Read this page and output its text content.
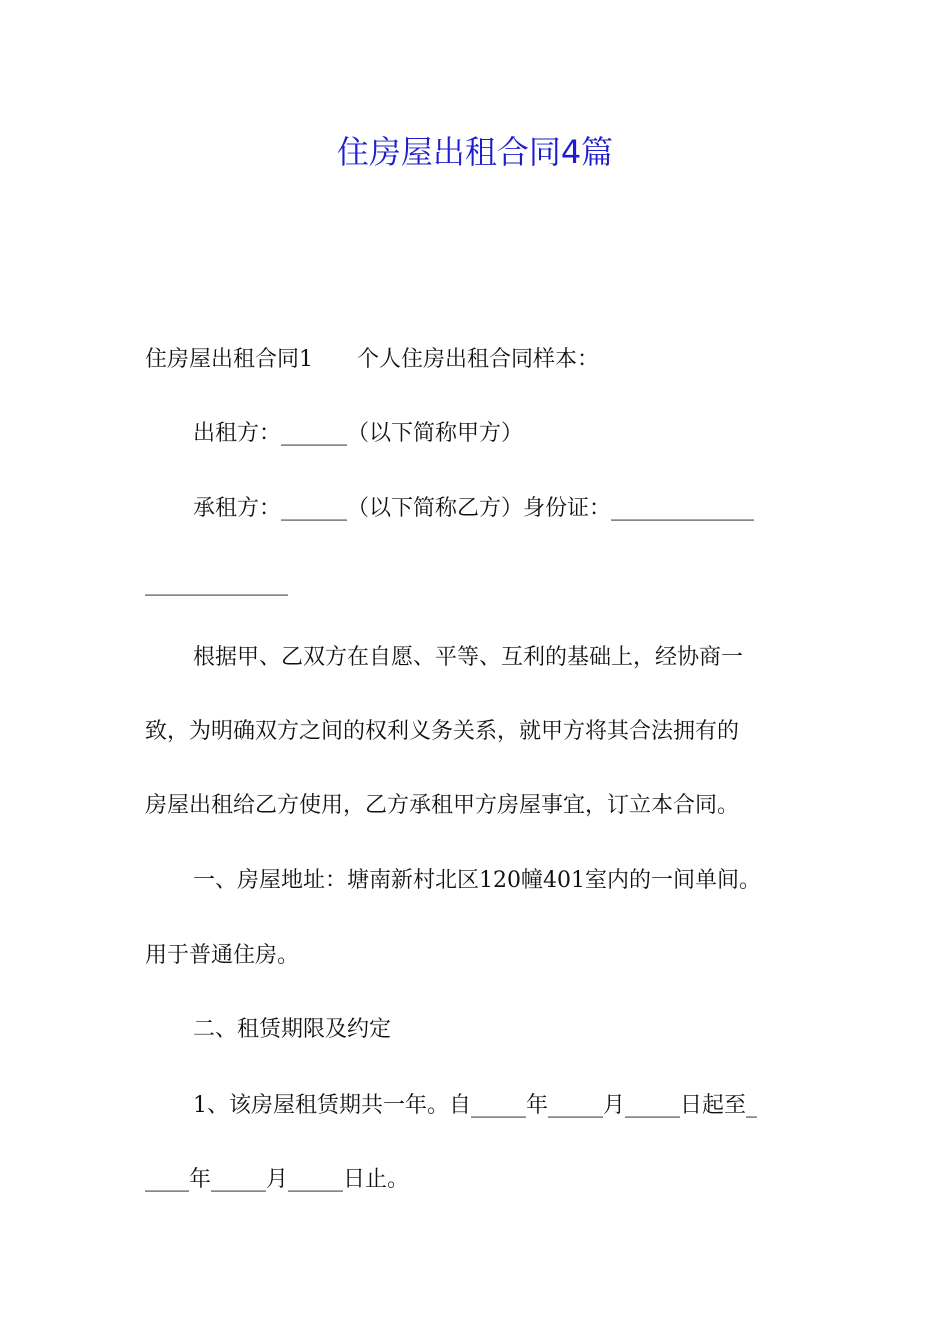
住房屋出租合同4篇
住房屋出租合同1　　个人住房出租合同样本：
出租方：______（以下简称甲方）
承租方：______（以下简称乙方）身份证：_____________
_____________
根据甲、乙双方在自愿、平等、互利的基础上，经协商一
致，为明确双方之间的权利义务关系，就甲方将其合法拥有的
房屋出租给乙方使用，乙方承租甲方房屋事宜，订立本合同。
一、房屋地址：塘南新村北区120幢401室内的一间单间。
用于普通住房。
二、租赁期限及约定
1、该房屋租赁期共一年。自_____年_____月_____日起至_
____年_____月_____日止。
